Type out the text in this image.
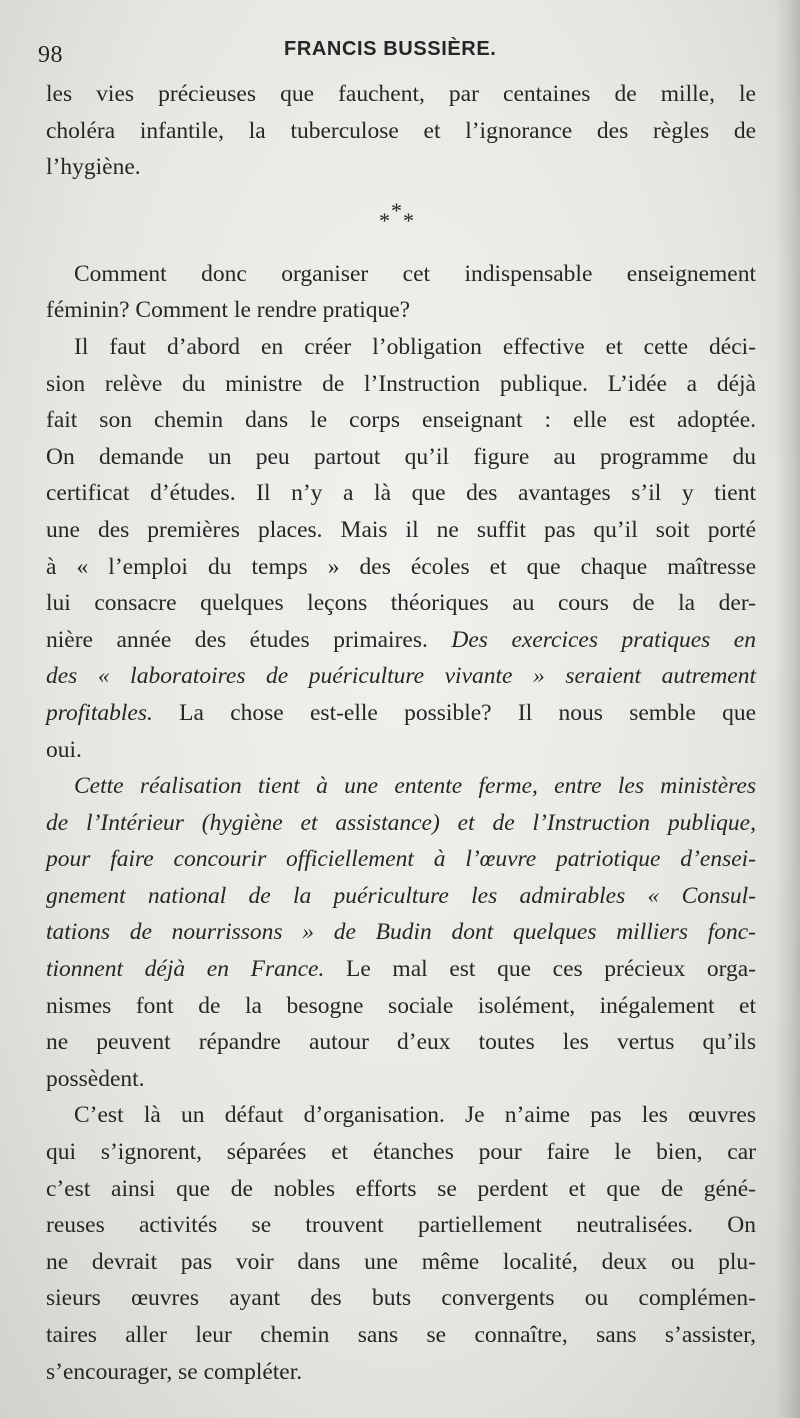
98	FRANCIS BUSSIÈRE.
les vies précieuses que fauchent, par centaines de mille, le
choléra infantile, la tuberculose et l’ignorance des règles de
l’hygiène.
*
* *
Comment donc organiser cet indispensable enseignement
féminin? Comment le rendre pratique?
Il faut d’abord en créer l’obligation effective et cette déci-
sion relève du ministre de l’Instruction publique. L’idée a déjà
fait son chemin dans le corps enseignant : elle est adoptée.
On demande un peu partout qu’il figure au programme du
certificat d’études. Il n’y a là que des avantages s’il y tient
une des premières places. Mais il ne suffit pas qu’il soit porté
à « l’emploi du temps » des écoles et que chaque maîtresse
lui consacre quelques leçons théoriques au cours de la der-
nière année des études primaires. Des exercices pratiques en
des « laboratoires de puériculture vivante » seraient autrement
profitables. La chose est-elle possible? Il nous semble que
oui.
Cette réalisation tient à une entente ferme, entre les ministères
de l’Intérieur (hygiène et assistance) et de l’Instruction publique,
pour faire concourir officiellement à l’œuvre patriotique d’ensei-
gnement national de la puériculture les admirables « Consul-
tations de nourrissons » de Budin dont quelques milliers fonc-
tionnent déjà en France. Le mal est que ces précieux orga-
nismes font de la besogne sociale isolément, inégalement et
ne peuvent répandre autour d’eux toutes les vertus qu’ils
possèdent.
C’est là un défaut d’organisation. Je n’aime pas les œuvres
qui s’ignorent, séparées et étanches pour faire le bien, car
c’est ainsi que de nobles efforts se perdent et que de géné-
reuses activités se trouvent partiellement neutralisées. On
ne devrait pas voir dans une même localité, deux ou plu-
sieurs œuvres ayant des buts convergents ou complémen-
taires aller leur chemin sans se connaître, sans s’assister,
s’encourager, se compléter.
